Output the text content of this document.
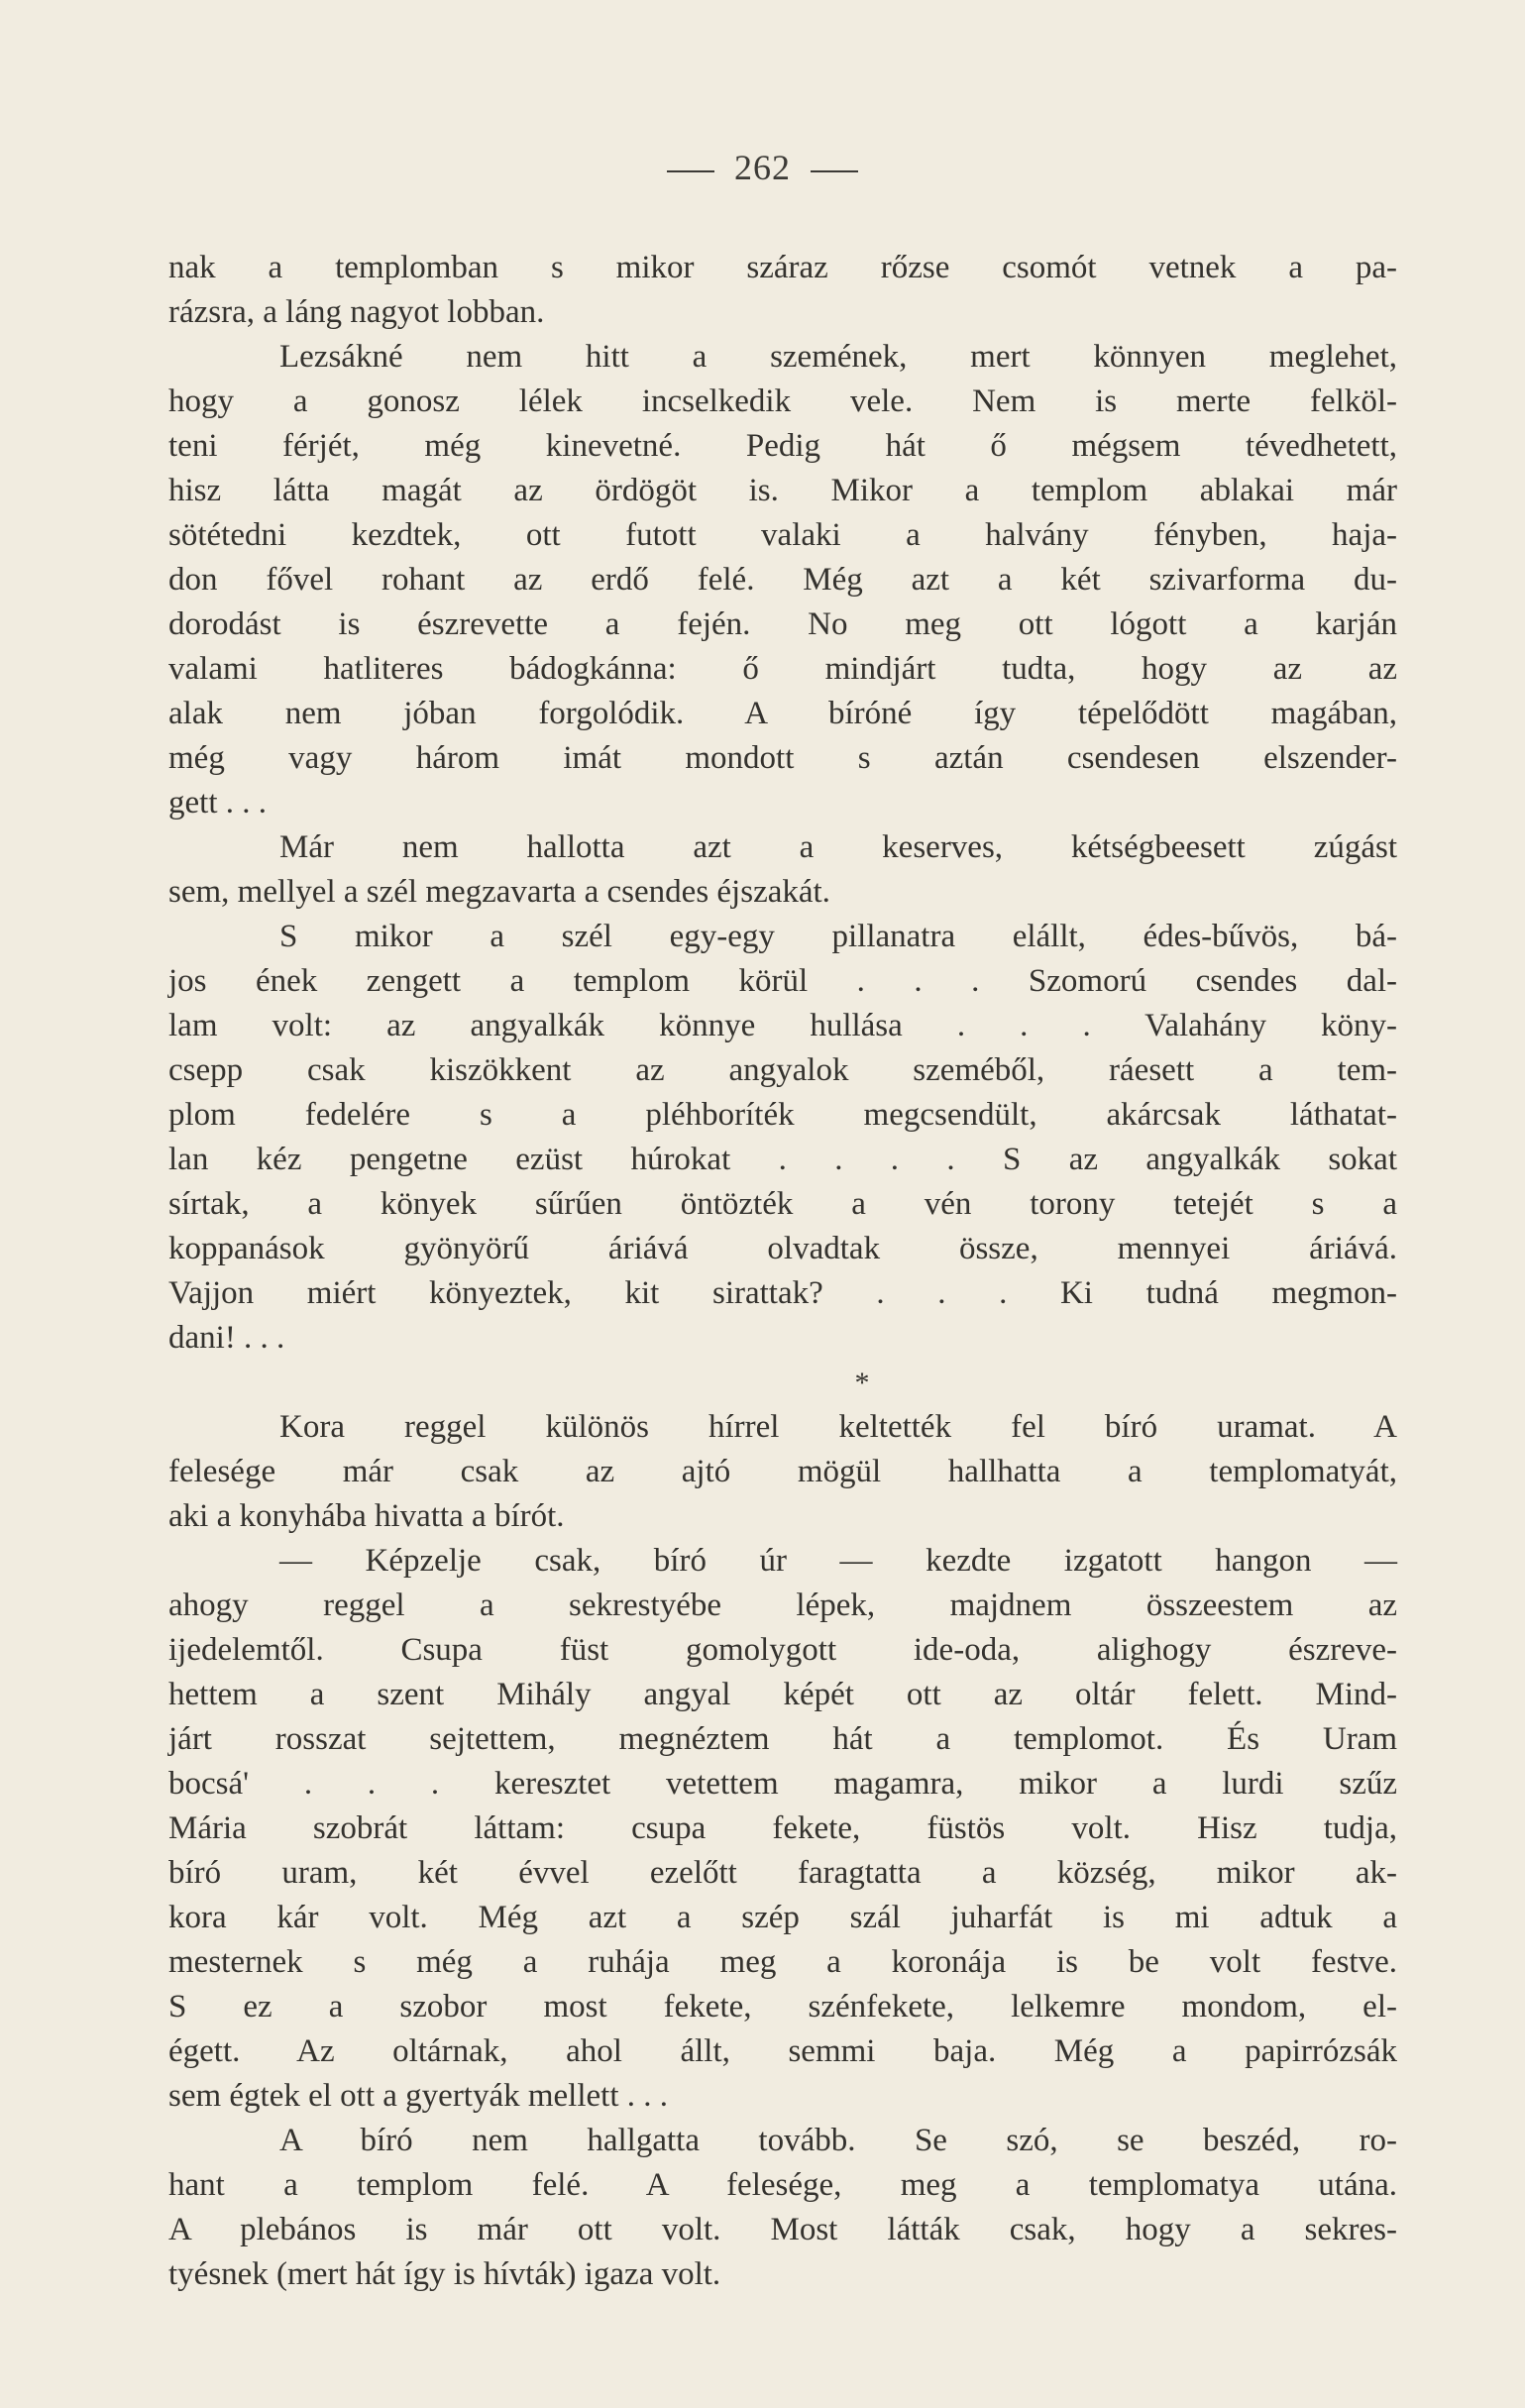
262
nak a templomban s mikor száraz rőzse csomót vetnek a pa-
rázsra, a láng nagyot lobban.
Lezsákné nem hitt a szemének, mert könnyen meglehet,
hogy a gonosz lélek incselkedik vele. Nem is merte felköl-
teni férjét, még kinevetné. Pedig hát ő mégsem tévedhetett,
hisz látta magát az ördögöt is. Mikor a templom ablakai már
sötétedni kezdtek, ott futott valaki a halvány fényben, haja-
don fővel rohant az erdő felé. Még azt a két szivarforma du-
dorodást is észrevette a fején. No meg ott lógott a karján
valami hatliteres bádogkánna: ő mindjárt tudta, hogy az az
alak nem jóban forgolódik. A bíróné így tépelődött magában,
még vagy három imát mondott s aztán csendesen elszender-
gett . . .
Már nem hallotta azt a keserves, kétségbeesett zúgást
sem, mellyel a szél megzavarta a csendes éjszakát.
S mikor a szél egy-egy pillanatra elállt, édes-bűvös, bá-
jos ének zengett a templom körül . . . Szomorú csendes dal-
lam volt: az angyalkák könnye hullása . . . Valahány köny-
csepp csak kiszökkent az angyalok szeméből, ráesett a tem-
plom fedelére s a pléhboríték megcsendült, akárcsak láthatat-
lan kéz pengetne ezüst húrokat . . . . S az angyalkák sokat
sírtak, a könyek sűrűen öntözték a vén torony tetejét s a
koppanások gyönyörű áriává olvadtak össze, mennyei áriává.
Vajjon miért könyeztek, kit sirattak? . . . Ki tudná megmon-
dani! . . .
*
Kora reggel különös hírrel keltették fel bíró uramat. A
felesége már csak az ajtó mögül hallhatta a templomatyát,
aki a konyhába hivatta a bírót.
— Képzelje csak, bíró úr — kezdte izgatott hangon —
ahogy reggel a sekrestyébe lépek, majdnem összeestem az
ijedelemtől. Csupa füst gomolygott ide-oda, alighogy észreve-
hettem a szent Mihály angyal képét ott az oltár felett. Mind-
járt rosszat sejtettem, megnéztem hát a templomot. És Uram
bocsá' . . . keresztet vetettem magamra, mikor a lurdi szűz
Mária szobrát láttam: csupa fekete, füstös volt. Hisz tudja,
bíró uram, két évvel ezelőtt faragtatta a község, mikor ak-
kora kár volt. Még azt a szép szál juharfát is mi adtuk a
mesternek s még a ruhája meg a koronája is be volt festve.
S ez a szobor most fekete, szénfekete, lelkemre mondom, el-
égett. Az oltárnak, ahol állt, semmi baja. Még a papirrózsák
sem égtek el ott a gyertyák mellett . . .
A bíró nem hallgatta tovább. Se szó, se beszéd, ro-
hant a templom felé. A felesége, meg a templomatya utána.
A plebános is már ott volt. Most látták csak, hogy a sekres-
tyésnek (mert hát így is hívták) igaza volt.
